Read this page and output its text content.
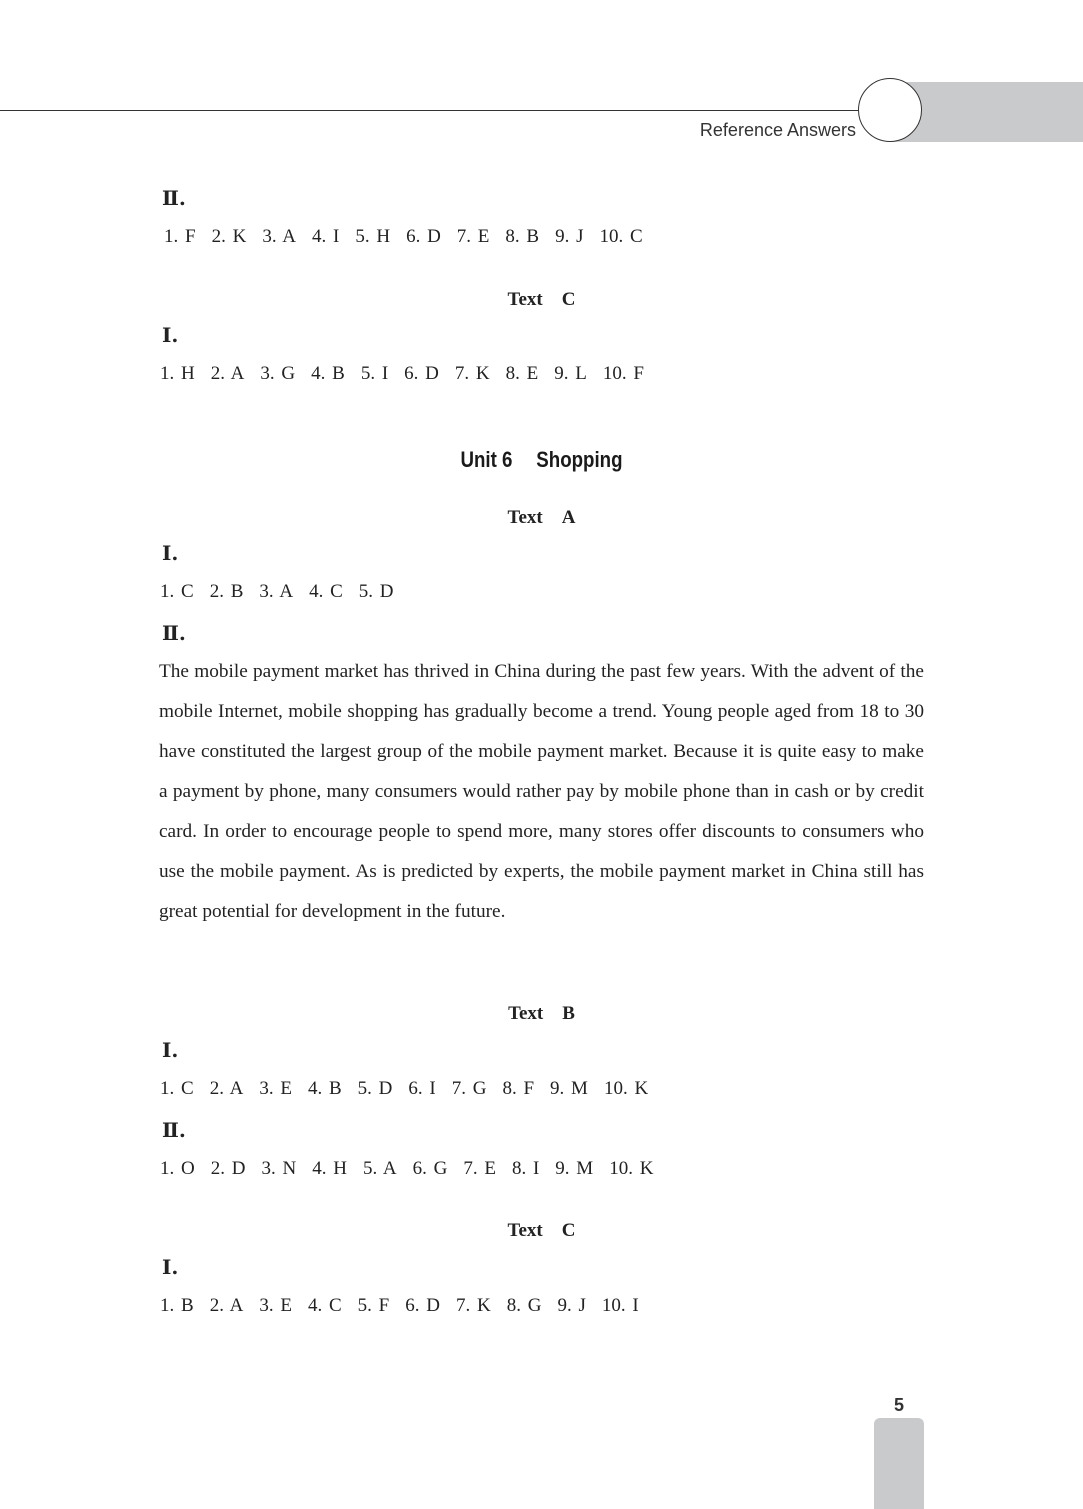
Reference Answers
Ⅱ.
1. F 2. K 3. A 4. I 5. H 6. D 7. E 8. B 9. J 10. C
Text　C
Ⅰ.
1. H 2. A 3. G 4. B 5. I 6. D 7. K 8. E 9. L 10. F
Unit 6　 Shopping
Text　A
Ⅰ.
1. C 2. B 3. A 4. C 5. D
Ⅱ.
The mobile payment market has thrived in China during the past few years. With the advent of the mobile Internet, mobile shopping has gradually become a trend. Young people aged from 18 to 30 have constituted the largest group of the mobile payment market. Because it is quite easy to make a payment by phone, many consumers would rather pay by mobile phone than in cash or by credit card. In order to encourage people to spend more, many stores offer discounts to consumers who use the mobile payment. As is predicted by experts, the mobile payment market in China still has great potential for development in the future.
Text　B
Ⅰ.
1. C 2. A 3. E 4. B 5. D 6. I 7. G 8. F 9. M 10. K
Ⅱ.
1. O 2. D 3. N 4. H 5. A 6. G 7. E 8. I 9. M 10. K
Text　C
Ⅰ.
1. B 2. A 3. E 4. C 5. F 6. D 7. K 8. G 9. J 10. I
5
